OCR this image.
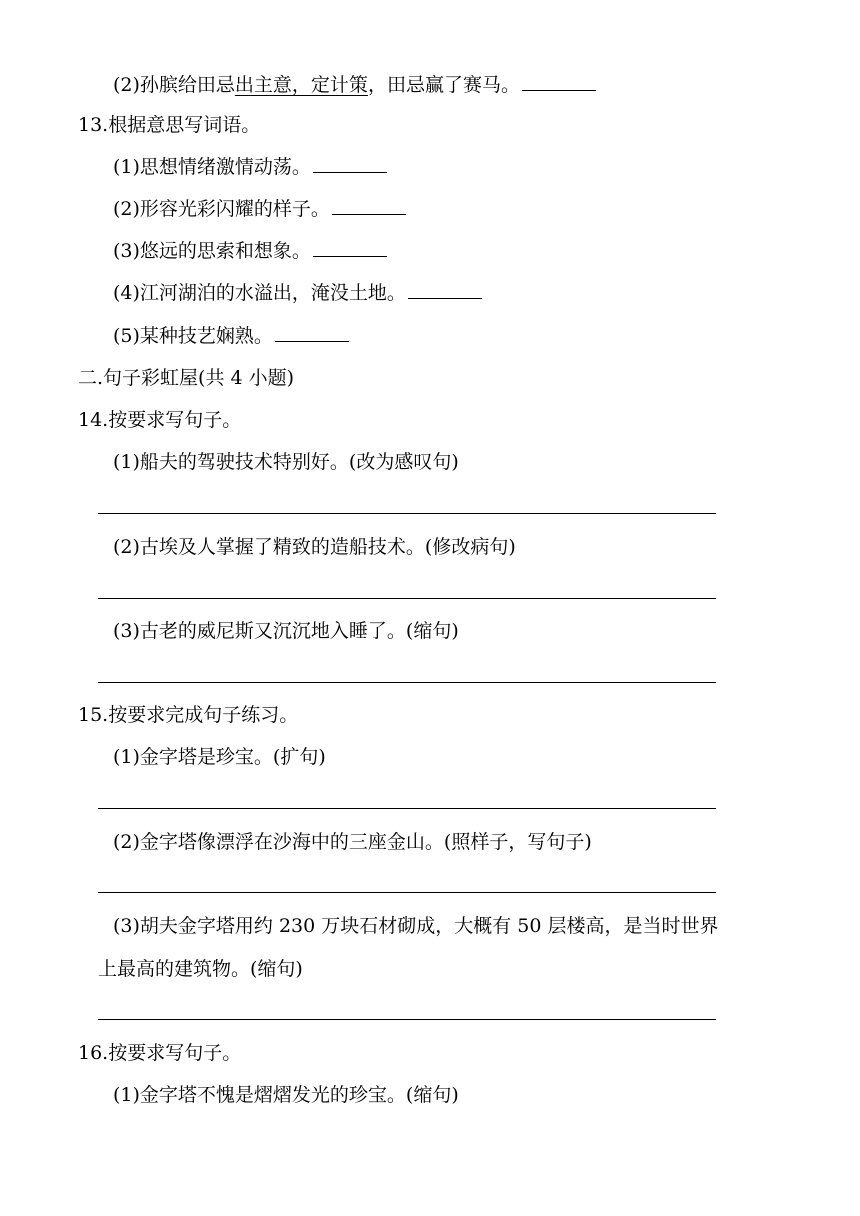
(2)孙膑给田忌出主意，定计策，田忌赢了赛马。
13.根据意思写词语。
(1)思想情绪激情动荡。
(2)形容光彩闪耀的样子。
(3)悠远的思索和想象。
(4)江河湖泊的水溢出，淹没土地。
(5)某种技艺娴熟。
二.句子彩虹屋(共 4 小题)
14.按要求写句子。
(1)船夫的驾驶技术特别好。(改为感叹句)
(2)古埃及人掌握了精致的造船技术。(修改病句)
(3)古老的威尼斯又沉沉地入睡了。(缩句)
15.按要求完成句子练习。
(1)金字塔是珍宝。(扩句)
(2)金字塔像漂浮在沙海中的三座金山。(照样子，写句子)
(3)胡夫金字塔用约 230 万块石材砌成，大概有 50 层楼高，是当时世界
上最高的建筑物。(缩句)
16.按要求写句子。
(1)金字塔不愧是熠熠发光的珍宝。(缩句)
